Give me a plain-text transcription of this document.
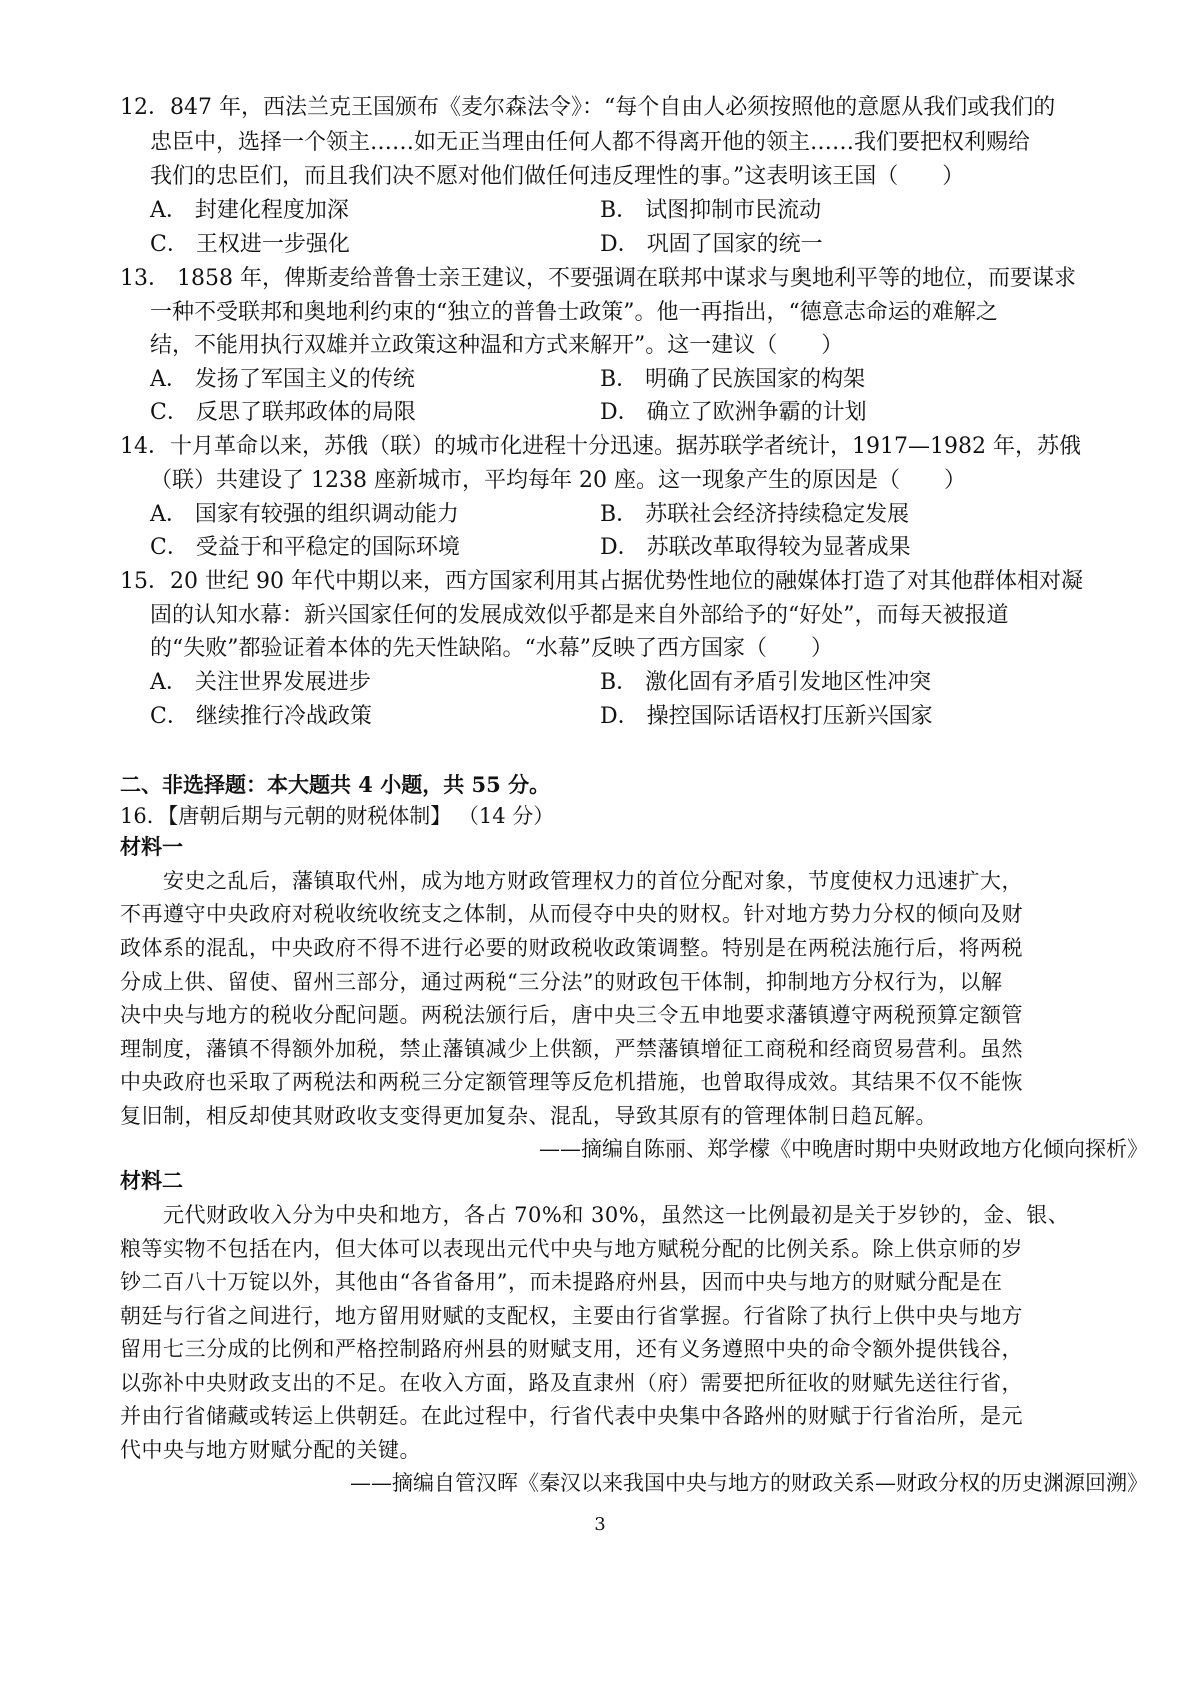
12．847 年，西法兰克王国颁布《麦尔森法令》：“每个自由人必须按照他的意愿从我们或我们的
忠臣中，选择一个领主……如无正当理由任何人都不得离开他的领主……我们要把权利赐给
我们的忠臣们，而且我们决不愿对他们做任何违反理性的事。”这表明该王国（　　）
A． 封建化程度加深	B． 试图抑制市民流动
C． 王权进一步强化	D． 巩固了国家的统一
13． 1858 年，俾斯麦给普鲁士亲王建议，不要强调在联邦中谋求与奥地利平等的地位，而要谋求
一种不受联邦和奥地利约束的“独立的普鲁士政策”。他一再指出，“德意志命运的难解之
结，不能用执行双雄并立政策这种温和方式来解开”。这一建议（　　）
A． 发扬了军国主义的传统	B． 明确了民族国家的构架
C． 反思了联邦政体的局限	D． 确立了欧洲争霸的计划
14．十月革命以来，苏俄（联）的城市化进程十分迅速。据苏联学者统计，1917—1982 年，苏俄
（联）共建设了 1238 座新城市，平均每年 20 座。这一现象产生的原因是（　　）
A． 国家有较强的组织调动能力	B． 苏联社会经济持续稳定发展
C． 受益于和平稳定的国际环境	D． 苏联改革取得较为显著成果
15．20 世纪 90 年代中期以来，西方国家利用其占据优势性地位的融媒体打造了对其他群体相对凝
固的认知水幕：新兴国家任何的发展成效似乎都是来自外部给予的“好处”，而每天被报道
的“失败”都验证着本体的先天性缺陷。“水幕”反映了西方国家（　　）
A． 关注世界发展进步	B． 激化固有矛盾引发地区性冲突
C． 继续推行冷战政策	D． 操控国际话语权打压新兴国家
二、非选择题：本大题共 4 小题，共 55 分。
16．【唐朝后期与元朝的财税体制】 （14 分）
材料一
　　安史之乱后，藩镇取代州，成为地方财政管理权力的首位分配对象，节度使权力迅速扩大，
不再遵守中央政府对税收统收统支之体制，从而侵夺中央的财权。针对地方势力分权的倾向及财
政体系的混乱，中央政府不得不进行必要的财政税收政策调整。特别是在两税法施行后，将两税
分成上供、留使、留州三部分，通过两税“三分法”的财政包干体制，抑制地方分权行为，以解
决中央与地方的税收分配问题。两税法颁行后，唐中央三令五申地要求藩镇遵守两税预算定额管
理制度，藩镇不得额外加税，禁止藩镇减少上供额，严禁藩镇增征工商税和经商贸易营利。虽然
中央政府也采取了两税法和两税三分定额管理等反危机措施，也曾取得成效。其结果不仅不能恢
复旧制，相反却使其财政收支变得更加复杂、混乱，导致其原有的管理体制日趋瓦解。
——摘编自陈丽、郑学檬《中晚唐时期中央财政地方化倾向探析》
材料二
　　元代财政收入分为中央和地方，各占 70%和 30%，虽然这一比例最初是关于岁钞的，金、银、
粮等实物不包括在内，但大体可以表现出元代中央与地方赋税分配的比例关系。除上供京师的岁
钞二百八十万锭以外，其他由“各省备用”，而未提路府州县，因而中央与地方的财赋分配是在
朝廷与行省之间进行，地方留用财赋的支配权，主要由行省掌握。行省除了执行上供中央与地方
留用七三分成的比例和严格控制路府州县的财赋支用，还有义务遵照中央的命令额外提供钱谷，
以弥补中央财政支出的不足。在收入方面，路及直隶州（府）需要把所征收的财赋先送往行省，
并由行省储藏或转运上供朝廷。在此过程中，行省代表中央集中各路州的财赋于行省治所，是元
代中央与地方财赋分配的关键。
——摘编自管汉晖《秦汉以来我国中央与地方的财政关系—财政分权的历史渊源回溯》
3
